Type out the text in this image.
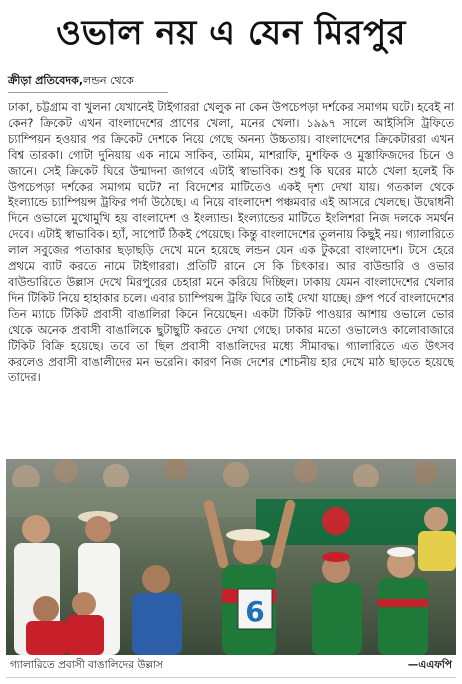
ওভাল নয় এ যেন মিরপুর
ক্রীড়া প্রতিবেদক, লন্ডন থেকে

ঢাকা, চট্টগ্রাম বা খুলনা যেখানেই টাইগাররা খেলুক না কেন উপচেপড়া দর্শকের সমাগম ঘটে। হবেই না কেন? ক্রিকেট এখন বাংলাদেশের প্রাণের খেলা, মনের খেলা। ১৯৯৭ সালে আইসিসি ট্রফিতে চ্যাম্পিয়ন হওয়ার পর ক্রিকেট দেশকে নিয়ে গেছে অনন্য উচ্চতায়। বাংলাদেশের ক্রিকেটাররা এখন বিশ্ব তারকা। গোটা দুনিয়ায় এক নামে সাকিব, তামিম, মাশরাফি, মুশফিক ও মুস্তাফিজদের চিনে ও জানে। সেই ক্রিকেট ঘিরে উন্মাদনা জাগবে এটাই স্বাভাবিক। শুধু কি ঘরের মাঠে খেলা হলেই কি উপচেপড়া দর্শকের সমাগম ঘটে? না বিদেশের মাটিতেও একই দৃশ্য দেখা যায়। গতকাল থেকে ইংল্যান্ডে চ্যাম্পিয়ন্স ট্রফির পর্দা উঠেছে। এ নিয়ে বাংলাদেশ পঞ্চমবার এই আসরে খেলছে। উদ্বোধনী দিনে ওভালে মুখোমুখি হয় বাংলাদেশ ও ইংল্যান্ড। ইংল্যান্ডের মাটিতে ইংলিশরা নিজ দলকে সমর্থন দেবে। এটাই স্বাভাবিক। হ্যাঁ, সাপোর্ট ঠিকই পেয়েছে। কিন্তু বাংলাদেশের তুলনায় কিছুই নয়। গ্যালারিতে লাল সবুজের পতাকার ছড়াছড়ি দেখে মনে হয়েছে লন্ডন যেন এক টুকরো বাংলাদেশ। টসে হেরে প্রথমে ব্যাট করতে নামে টাইগাররা। প্রতিটি রানে সে কি চিৎকার। আর বাউন্ডারি ও ওভার বাউন্ডারিতে উল্লাস দেখে মিরপুরের চেহারা মনে করিয়ে দিচ্ছিল। ঢাকায় যেমন বাংলাদেশের খেলার দিন টিকিট নিয়ে হাহাকার চলে। এবার চ্যাম্পিয়ন্স ট্রফি ঘিরে তাই দেখা যাচ্ছে। গ্রুপ পর্বে বাংলাদেশের তিন ম্যাচে টিকিট প্রবাসী বাঙালিরা কিনে নিয়েছেন। একটা টিকিট পাওয়ার আশায় ওভালে ভোর থেকে অনেক প্রবাসী বাঙালিকে ছুটাছুটি করতে দেখা গেছে। ঢাকার মতো ওভালেও কালোবাজারে টিকিট বিক্রি হয়েছে। তবে তা ছিল প্রবাসী বাঙালিদের মধ্যে সীমাবদ্ধ। গ্যালারিতে এত উৎসব করলেও প্রবাসী বাঙালীদের মন ভরেনি। কারণ নিজ দেশের শোচনীয় হার দেখে মাঠ ছাড়তে হয়েছে তাদের।

6
গ্যালারিতে প্রবাসী বাঙালিদের উল্লাস	—এএফপি
